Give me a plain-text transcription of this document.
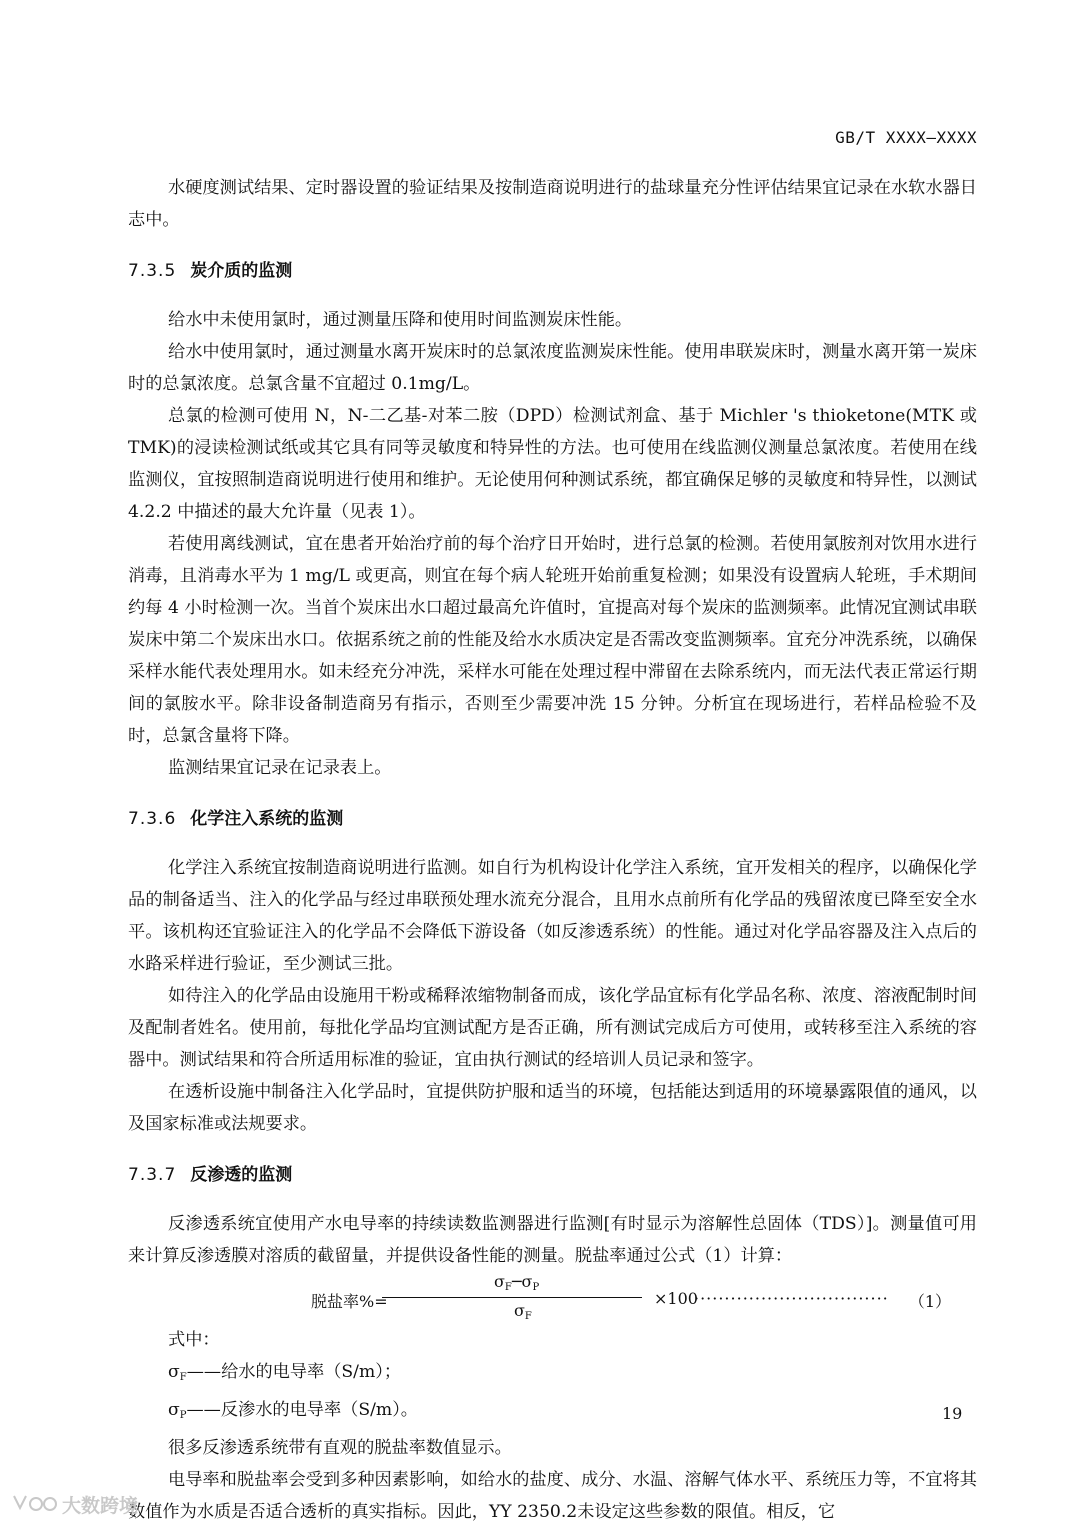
GB/T XXXX—XXXX

水硬度测试结果、定时器设置的验证结果及按制造商说明进行的盐球量充分性评估结果宜记录在水软水器日志中。

7.3.5 炭介质的监测

给水中未使用氯时，通过测量压降和使用时间监测炭床性能。

给水中使用氯时，通过测量水离开炭床时的总氯浓度监测炭床性能。使用串联炭床时，测量水离开第一炭床时的总氯浓度。总氯含量不宜超过 0.1mg/L。

总氯的检测可使用 N，N-二乙基-对苯二胺（DPD）检测试剂盒、基于 Michler 's thioketone(MTK 或 TMK)的浸读检测试纸或其它具有同等灵敏度和特异性的方法。也可使用在线监测仪测量总氯浓度。若使用在线监测仪，宜按照制造商说明进行使用和维护。无论使用何种测试系统，都宜确保足够的灵敏度和特异性，以测试 4.2.2 中描述的最大允许量（见表 1）。

若使用离线测试，宜在患者开始治疗前的每个治疗日开始时，进行总氯的检测。若使用氯胺剂对饮用水进行消毒，且消毒水平为 1 mg/L 或更高，则宜在每个病人轮班开始前重复检测；如果没有设置病人轮班，手术期间约每 4 小时检测一次。当首个炭床出水口超过最高允许值时，宜提高对每个炭床的监测频率。此情况宜测试串联炭床中第二个炭床出水口。依据系统之前的性能及给水水质决定是否需改变监测频率。宜充分冲洗系统，以确保采样水能代表处理用水。如未经充分冲洗，采样水可能在处理过程中滞留在去除系统内，而无法代表正常运行期间的氯胺水平。除非设备制造商另有指示，否则至少需要冲洗 15 分钟。分析宜在现场进行，若样品检验不及时，总氯含量将下降。

监测结果宜记录在记录表上。

7.3.6 化学注入系统的监测

化学注入系统宜按制造商说明进行监测。如自行为机构设计化学注入系统，宜开发相关的程序，以确保化学品的制备适当、注入的化学品与经过串联预处理水流充分混合，且用水点前所有化学品的残留浓度已降至安全水平。该机构还宜验证注入的化学品不会降低下游设备（如反渗透系统）的性能。通过对化学品容器及注入点后的水路采样进行验证，至少测试三批。

如待注入的化学品由设施用干粉或稀释浓缩物制备而成，该化学品宜标有化学品名称、浓度、溶液配制时间及配制者姓名。使用前，每批化学品均宜测试配方是否正确，所有测试完成后方可使用，或转移至注入系统的容器中。测试结果和符合所适用标准的验证，宜由执行测试的经培训人员记录和签字。

在透析设施中制备注入化学品时，宜提供防护服和适当的环境，包括能达到适用的环境暴露限值的通风，以及国家标准或法规要求。

7.3.7 反渗透的监测

反渗透系统宜使用产水电导率的持续读数监测器进行监测[有时显示为溶解性总固体（TDS）]。测量值可用来计算反渗透膜对溶质的截留量，并提供设备性能的测量。脱盐率通过公式（1）计算：

脱盐率%=
$\sigma_F─\sigma_P$
$\sigma_F$
×100
································ （1）

式中：

$\sigma_F——$给水的电导率（S/m）；

$\sigma_P——$反渗水的电导率（S/m）。

很多反渗透系统带有直观的脱盐率数值显示。

电导率和脱盐率会受到多种因素影响，如给水的盐度、成分、水温、溶解气体水平、系统压力等，不宜将其数值作为水质是否适合透析的真实指标。因此，YY 2350.2未设定这些参数的限值。相反，它

19
大数跨境
